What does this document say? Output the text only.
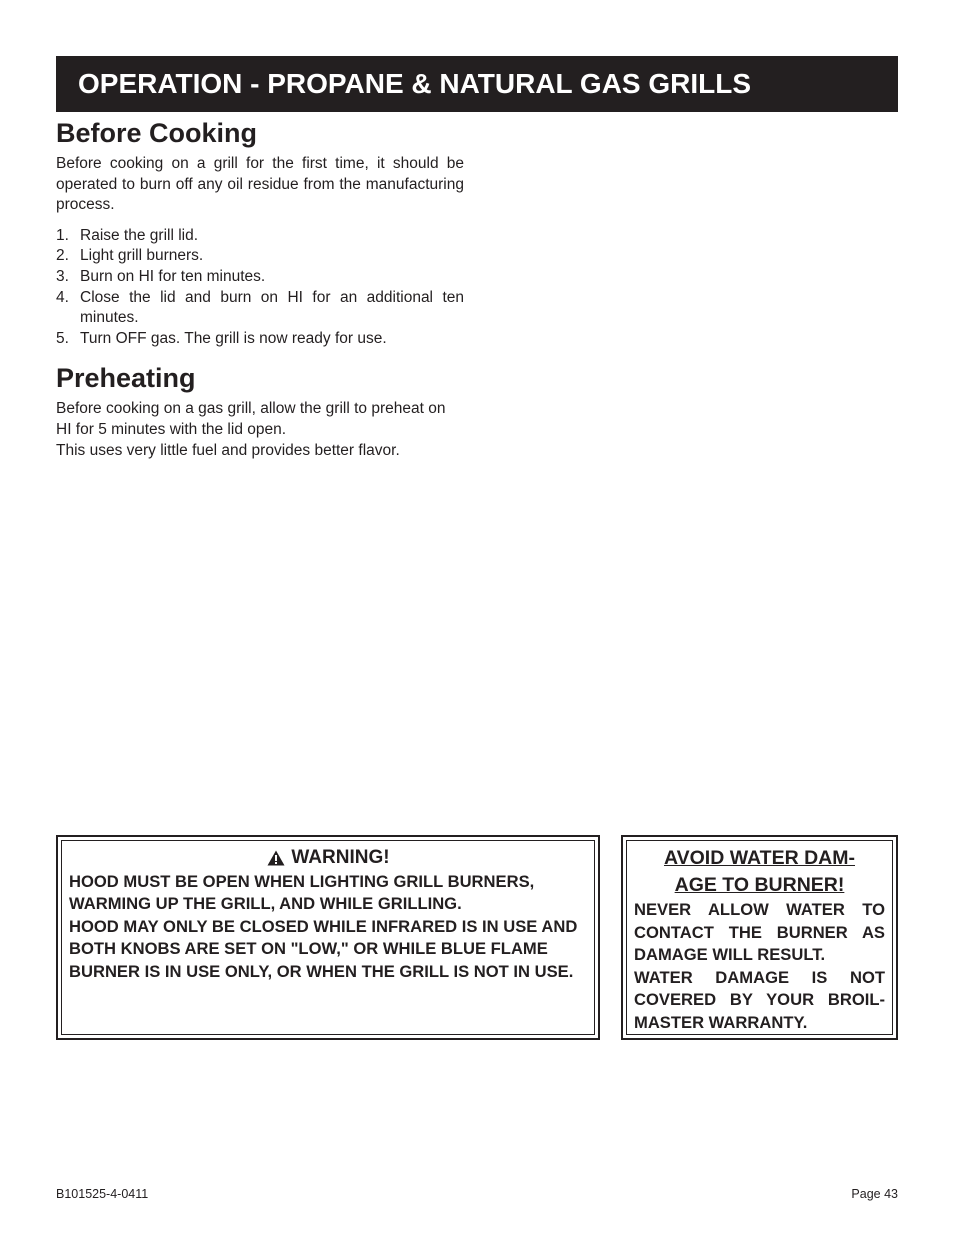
OPERATION - PROPANE & NATURAL GAS GRILLS
Before Cooking

Before cooking on a grill for the first time, it should be operated to burn off any oil residue from the manufacturing process.

1. Raise the grill lid.
2. Light grill burners.
3. Burn on HI for ten minutes.
4. Close the lid and burn on HI for an additional ten minutes.
5. Turn OFF gas. The grill is now ready for use.
Preheating

Before cooking on a gas grill, allow the grill to preheat on HI for 5 minutes with the lid open.

This uses very little fuel and provides better flavor.

WARNING!
HOOD MUST BE OPEN WHEN LIGHTING GRILL BURNERS, WARMING UP THE GRILL, AND WHILE GRILLING.
HOOD MAY ONLY BE CLOSED WHILE INFRARED IS IN USE AND BOTH KNOBS ARE SET ON "LOW," OR WHILE BLUE FLAME BURNER IS IN USE ONLY, OR WHEN THE GRILL IS NOT IN USE.
AVOID WATER DAM-
AGE TO BURNER!
NEVER ALLOW WATER TO CONTACT THE BURNER AS DAMAGE WILL RESULT.
WATER DAMAGE IS NOT COVERED BY YOUR BROIL-MASTER WARRANTY.
B101525-4-0411	Page 43
